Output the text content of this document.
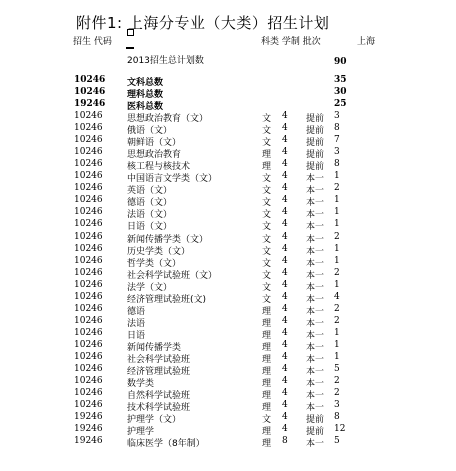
附件1: 上海分专业（大类）招生计划
招生 代码	科类 学制 批次	上海
2013招生总计划数	90
10246 文科总数	35
10246 理科总数	30
19246 医科总数	25
10246	思想政治教育（文）	文 4 提前 3
10246	俄语（文）	文 4 提前 8
10246	朝鲜语（文）	文 4 提前 7
10246	思想政治教育	理 4 提前 3
10246	核工程与核技术	理 4 提前 8
10246	中国语言文学类（文）	文 4 本一 1
10246	英语（文）	文 4 本一 2
10246	德语（文）	文 4 本一 1
10246	法语（文）	文 4 本一 1
10246	日语（文）	文 4 本一 1
10246	新闻传播学类（文）	文 4 本一 2
10246	历史学类（文）	文 4 本一 1
10246	哲学类（文）	文 4 本一 1
10246	社会科学试验班（文）	文 4 本一 2
10246	法学（文）	文 4 本一 1
10246	经济管理试验班(文)	文 4 本一 4
10246	德语	理 4 本一 2
10246	法语	理 4 本一 2
10246	日语	理 4 本一 1
10246	新闻传播学类	理 4 本一 1
10246	社会科学试验班	理 4 本一 1
10246	经济管理试验班	理 4 本一 5
10246	数学类	理 4 本一 2
10246	自然科学试验班	理 4 本一 2
10246	技术科学试验班	理 4 本一 3
19246	护理学（文）	文 4 提前 8
19246	护理学	理 4 提前 12
19246	临床医学（8年制）	理 8 本一 5
